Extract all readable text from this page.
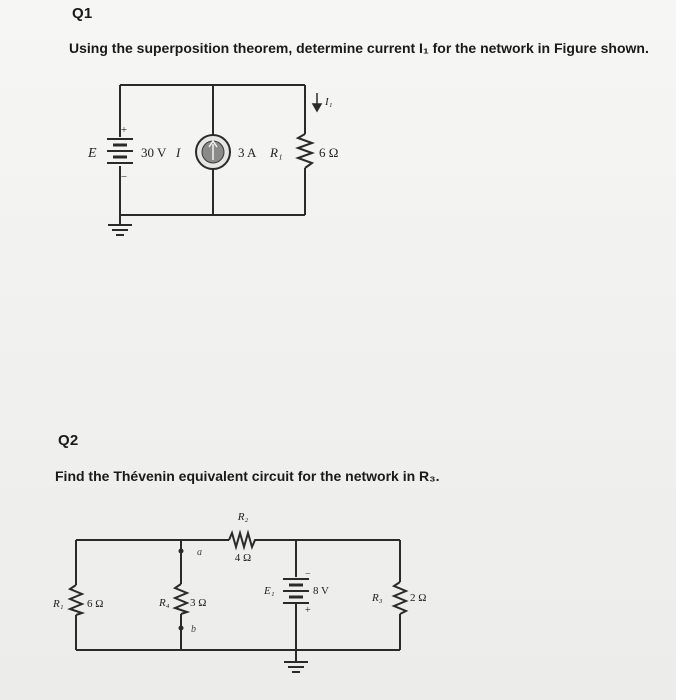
Q1
Using the superposition theorem, determine current I₁ for the network in Figure shown.
+
−
E	30 V I	3 A R₁	6 Ω
I₁
Q2
Find the Thévenin equivalent circuit for the network in R₃.
R₂
4 Ω
R₁ 6 Ω	R₄ 3 Ω
a
b
E₁	8 V
−
+
R₃ 2 Ω
